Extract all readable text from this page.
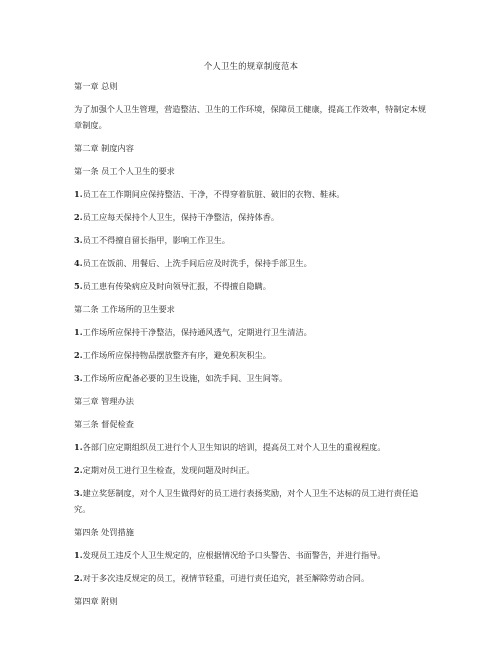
个人卫生的规章制度范本

第一章 总则

为了加强个人卫生管理，营造整洁、卫生的工作环境，保障员工健康，提高工作效率，特制定本规章制度。

第二章 制度内容

第一条 员工个人卫生的要求

1.员工在工作期间应保持整洁、干净，不得穿着肮脏、破旧的衣物、鞋袜。

2.员工应每天保持个人卫生，保持干净整洁，保持体香。

3.员工不得擅自留长指甲，影响工作卫生。

4.员工在饭前、用餐后、上洗手间后应及时洗手，保持手部卫生。

5.员工患有传染病应及时向领导汇报，不得擅自隐瞒。

第二条 工作场所的卫生要求

1.工作场所应保持干净整洁，保持通风透气，定期进行卫生清洁。

2.工作场所应保持物品摆放整齐有序，避免积灰积尘。

3.工作场所应配备必要的卫生设施，如洗手间、卫生间等。

第三章 管理办法

第三条 督促检查

1.各部门应定期组织员工进行个人卫生知识的培训，提高员工对个人卫生的重视程度。

2.定期对员工进行卫生检查，发现问题及时纠正。

3.建立奖惩制度，对个人卫生做得好的员工进行表扬奖励，对个人卫生不达标的员工进行责任追究。

第四条 处罚措施

1.发现员工违反个人卫生规定的，应根据情况给予口头警告、书面警告，并进行指导。

2.对于多次违反规定的员工，视情节轻重，可进行责任追究，甚至解除劳动合同。

第四章 附则
